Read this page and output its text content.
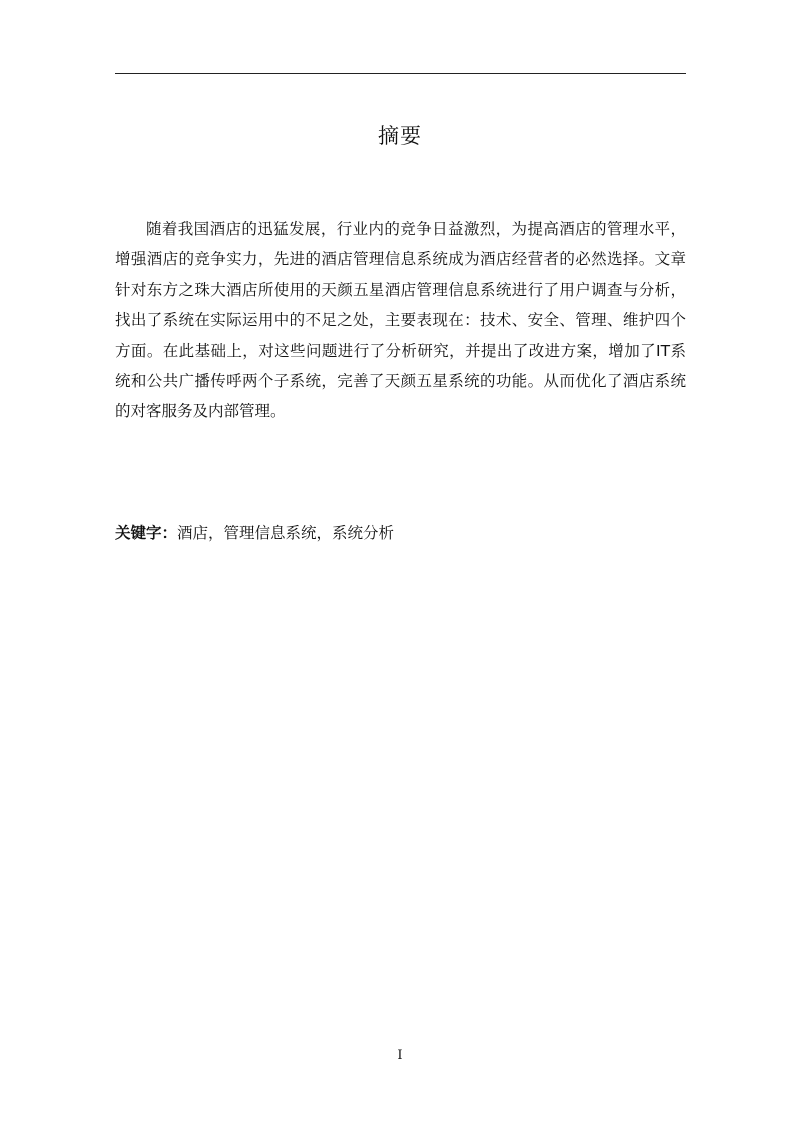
摘要

随着我国酒店的迅猛发展，行业内的竞争日益激烈，为提高酒店的管理水平，增强酒店的竞争实力，先进的酒店管理信息系统成为酒店经营者的必然选择。文章针对东方之珠大酒店所使用的天颜五星酒店管理信息系统进行了用户调查与分析，找出了系统在实际运用中的不足之处，主要表现在：技术、安全、管理、维护四个方面。在此基础上，对这些问题进行了分析研究，并提出了改进方案，增加了IT系统和公共广播传呼两个子系统，完善了天颜五星系统的功能。从而优化了酒店系统的对客服务及内部管理。

关键字：酒店，管理信息系统，系统分析

I
